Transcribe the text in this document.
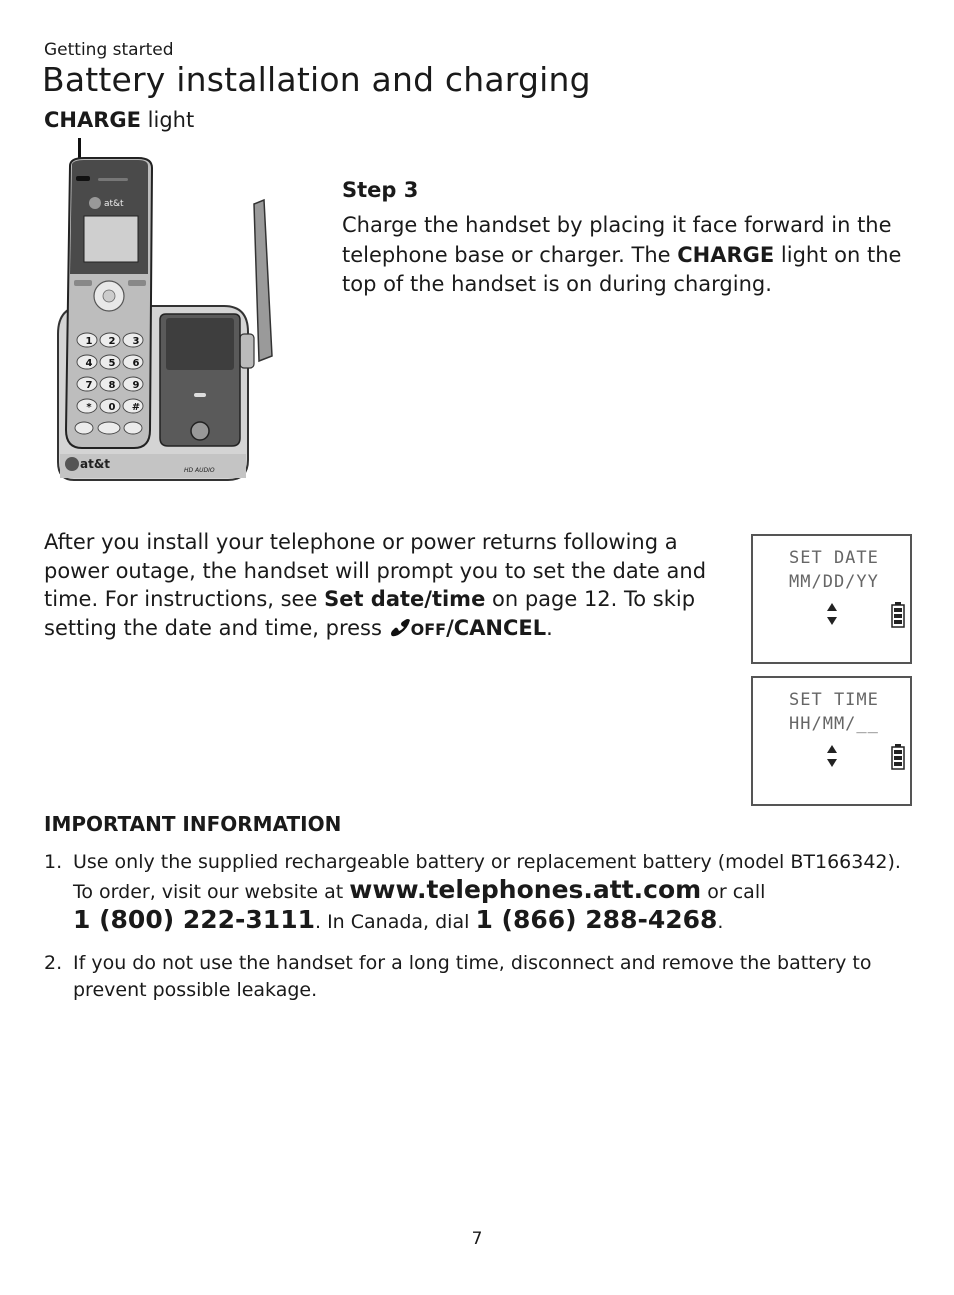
Getting started
Battery installation and charging
CHARGE light
at&t	HD AUDIO
at&t
1 2 3
4 5 6
7 8 9
* 0 #
Step 3
Charge the handset by placing it face forward in the telephone base or charger. The CHARGE light on the top of the handset is on during charging.
After you install your telephone or power returns following a power outage, the handset will prompt you to set the date and time. For instructions, see Set date/time on page 12. To skip setting the date and time, press OFF/CANCEL.
SET DATE
MM/DD/YY
SET TIME
HH/MM/__
IMPORTANT INFORMATION
1. Use only the supplied rechargeable battery or replacement battery (model BT166342).
To order, visit our website at www.telephones.att.com or call
1 (800) 222-3111. In Canada, dial 1 (866) 288-4268.
2. If you do not use the handset for a long time, disconnect and remove the battery to prevent possible leakage.
7
